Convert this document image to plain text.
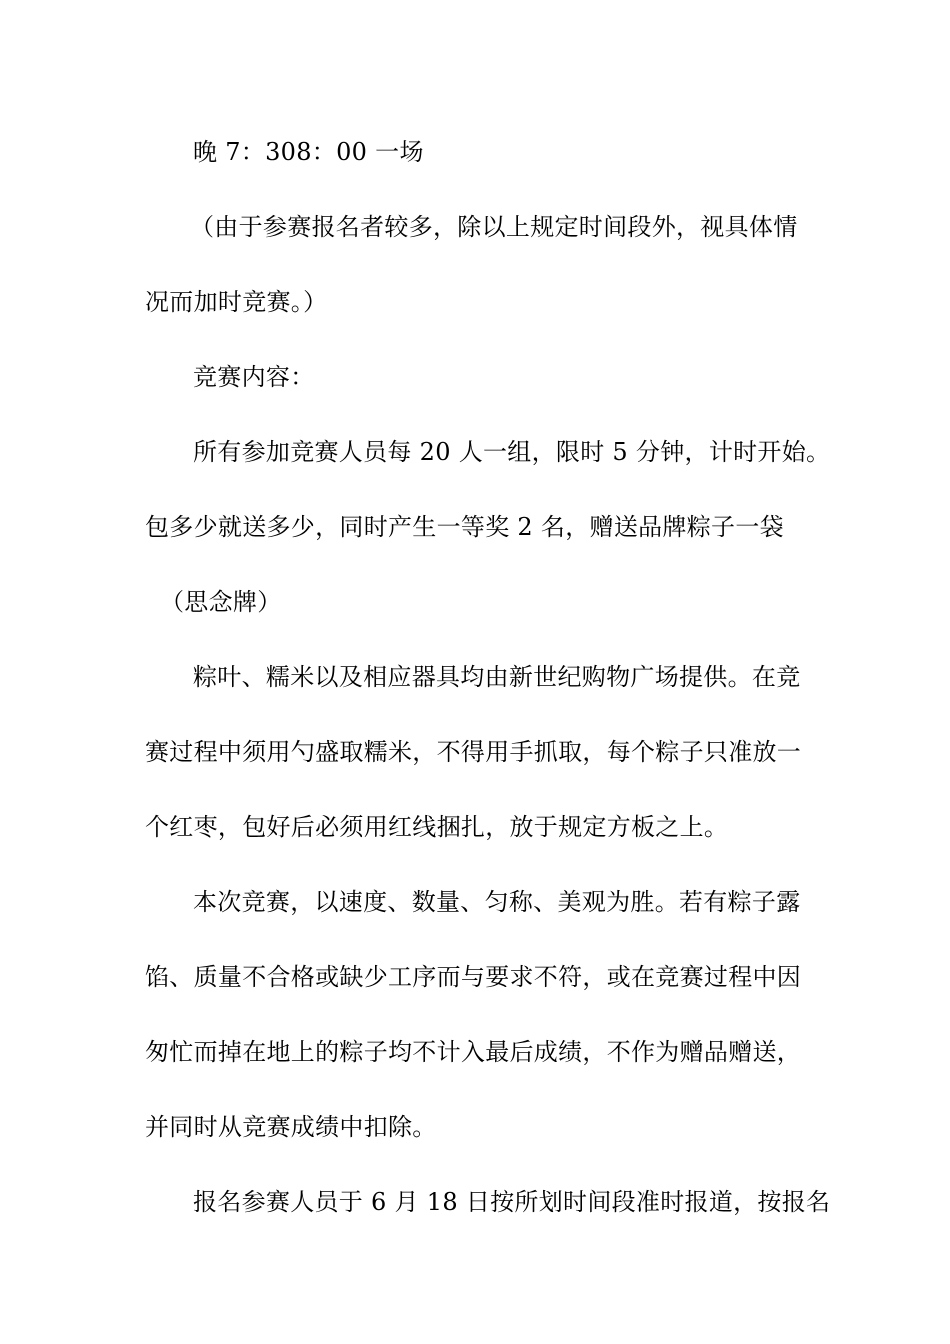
晚 7：308：00 一场
（由于参赛报名者较多，除以上规定时间段外，视具体情
况而加时竞赛。）
竞赛内容：
所有参加竞赛人员每 20 人一组，限时 5 分钟，计时开始。
包多少就送多少，同时产生一等奖 2 名，赠送品牌粽子一袋
（思念牌）
粽叶、糯米以及相应器具均由新世纪购物广场提供。在竞
赛过程中须用勺盛取糯米，不得用手抓取，每个粽子只准放一
个红枣，包好后必须用红线捆扎，放于规定方板之上。
本次竞赛，以速度、数量、匀称、美观为胜。若有粽子露
馅、质量不合格或缺少工序而与要求不符，或在竞赛过程中因
匆忙而掉在地上的粽子均不计入最后成绩，不作为赠品赠送，
并同时从竞赛成绩中扣除。
报名参赛人员于 6 月 18 日按所划时间段准时报道，按报名
